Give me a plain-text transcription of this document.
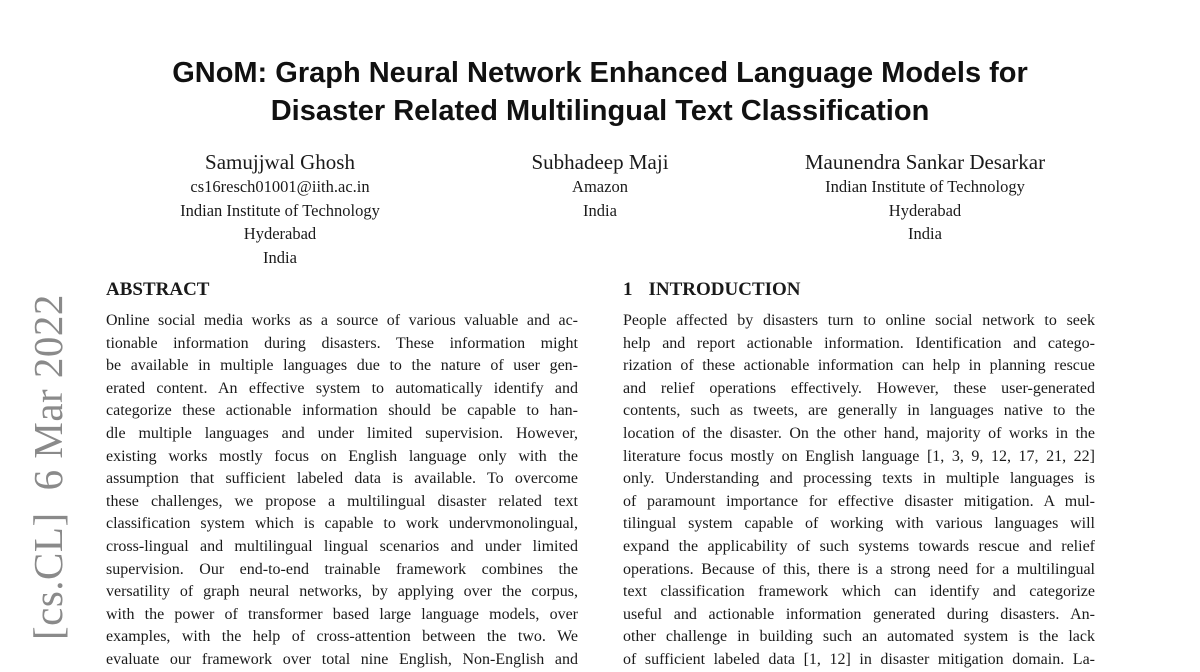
GNoM: Graph Neural Network Enhanced Language Models for
Disaster Related Multilingual Text Classification
Samujjwal Ghosh
cs16resch01001@iith.ac.in
Indian Institute of Technology
Hyderabad
India
Subhadeep Maji
Amazon
India
Maunendra Sankar Desarkar
Indian Institute of Technology
Hyderabad
India
ABSTRACT	1 INTRODUCTION
Online social media works as a source of various valuable and ac-
tionable information during disasters. These information might
be available in multiple languages due to the nature of user gen-
erated content. An effective system to automatically identify and
categorize these actionable information should be capable to han-
dle multiple languages and under limited supervision. However,
existing works mostly focus on English language only with the
assumption that sufficient labeled data is available. To overcome
these challenges, we propose a multilingual disaster related text
classification system which is capable to work undervmonolingual,
cross-lingual and multilingual lingual scenarios and under limited
supervision. Our end-to-end trainable framework combines the
versatility of graph neural networks, by applying over the corpus,
with the power of transformer based large language models, over
examples, with the help of cross-attention between the two. We
evaluate our framework over total nine English, Non-English and
People affected by disasters turn to online social network to seek
help and report actionable information. Identification and catego-
rization of these actionable information can help in planning rescue
and relief operations effectively. However, these user-generated
contents, such as tweets, are generally in languages native to the
location of the disaster. On the other hand, majority of works in the
literature focus mostly on English language [1, 3, 9, 12, 17, 21, 22]
only. Understanding and processing texts in multiple languages is
of paramount importance for effective disaster mitigation. A mul-
tilingual system capable of working with various languages will
expand the applicability of such systems towards rescue and relief
operations. Because of this, there is a strong need for a multilingual
text classification framework which can identify and categorize
useful and actionable information generated during disasters. An-
other challenge in building such an automated system is the lack
of sufficient labeled data [1, 12] in disaster mitigation domain. La-
[cs.CL]6 Mar 2022
